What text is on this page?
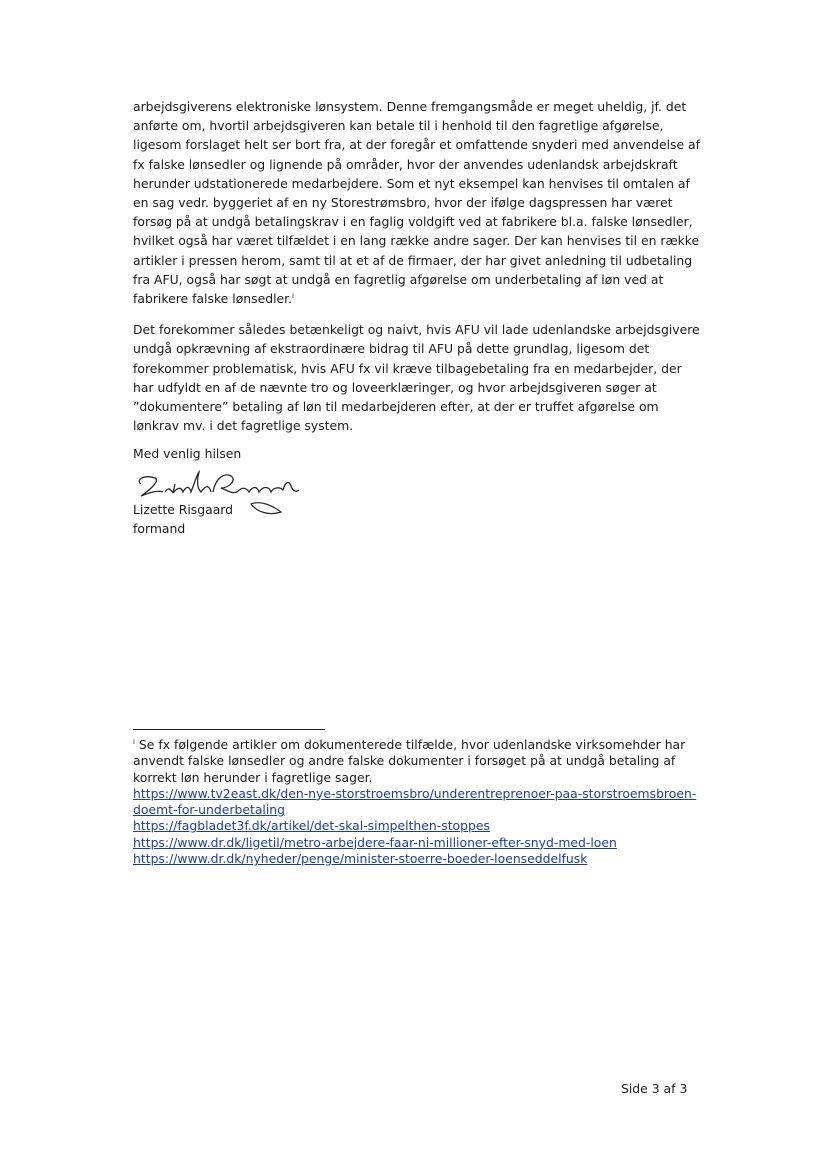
arbejdsgiverens elektroniske lønsystem. Denne fremgangsmåde er meget uheldig, jf. det anførte om, hvortil arbejdsgiveren kan betale til i henhold til den fagretlige afgørelse, ligesom forslaget helt ser bort fra, at der foregår et omfattende snyderi med anvendelse af fx falske lønsedler og lignende på områder, hvor der anvendes udenlandsk arbejdskraft herunder udstationerede medarbejdere. Som et nyt eksempel kan henvises til omtalen af en sag vedr. byggeriet af en ny Storestrømsbro, hvor der ifølge dagspressen har været forsøg på at undgå betalingskrav i en faglig voldgift ved at fabrikere bl.a. falske lønsedler, hvilket også har været tilfældet i en lang række andre sager. Der kan henvises til en række artikler i pressen herom, samt til at et af de firmaer, der har givet anledning til udbetaling fra AFU, også har søgt at undgå en fagretlig afgørelse om underbetaling af løn ved at fabrikere falske lønsedler.$^i$

Det forekommer således betænkeligt og naivt, hvis AFU vil lade udenlandske arbejdsgivere undgå opkrævning af ekstraordinære bidrag til AFU på dette grundlag, ligesom det forekommer problematisk, hvis AFU fx vil kræve tilbagebetaling fra en medarbejder, der har udfyldt en af de nævnte tro og loveerklæringer, og hvor arbejdsgiveren søger at ”dokumentere” betaling af løn til medarbejderen efter, at der er truffet afgørelse om lønkrav mv. i det fagretlige system.

Med venlig hilsen
Lizette Risgaard
formand

$^i$ Se fx følgende artikler om dokumenterede tilfælde, hvor udenlandske virksomehder har anvendt falske lønsedler og andre falske dokumenter i forsøget på at undgå betaling af korrekt løn herunder i fagretlige sager.

https://www.tv2east.dk/den-nye-storstroemsbro/underentreprenoer-paa-storstroemsbroen-doemt-for-underbetaling
https://fagbladet3f.dk/artikel/det-skal-simpelthen-stoppes
https://www.dr.dk/ligetil/metro-arbejdere-faar-ni-millioner-efter-snyd-med-loen
https://www.dr.dk/nyheder/penge/minister-stoerre-boeder-loenseddelfusk
Side 3 af 3
